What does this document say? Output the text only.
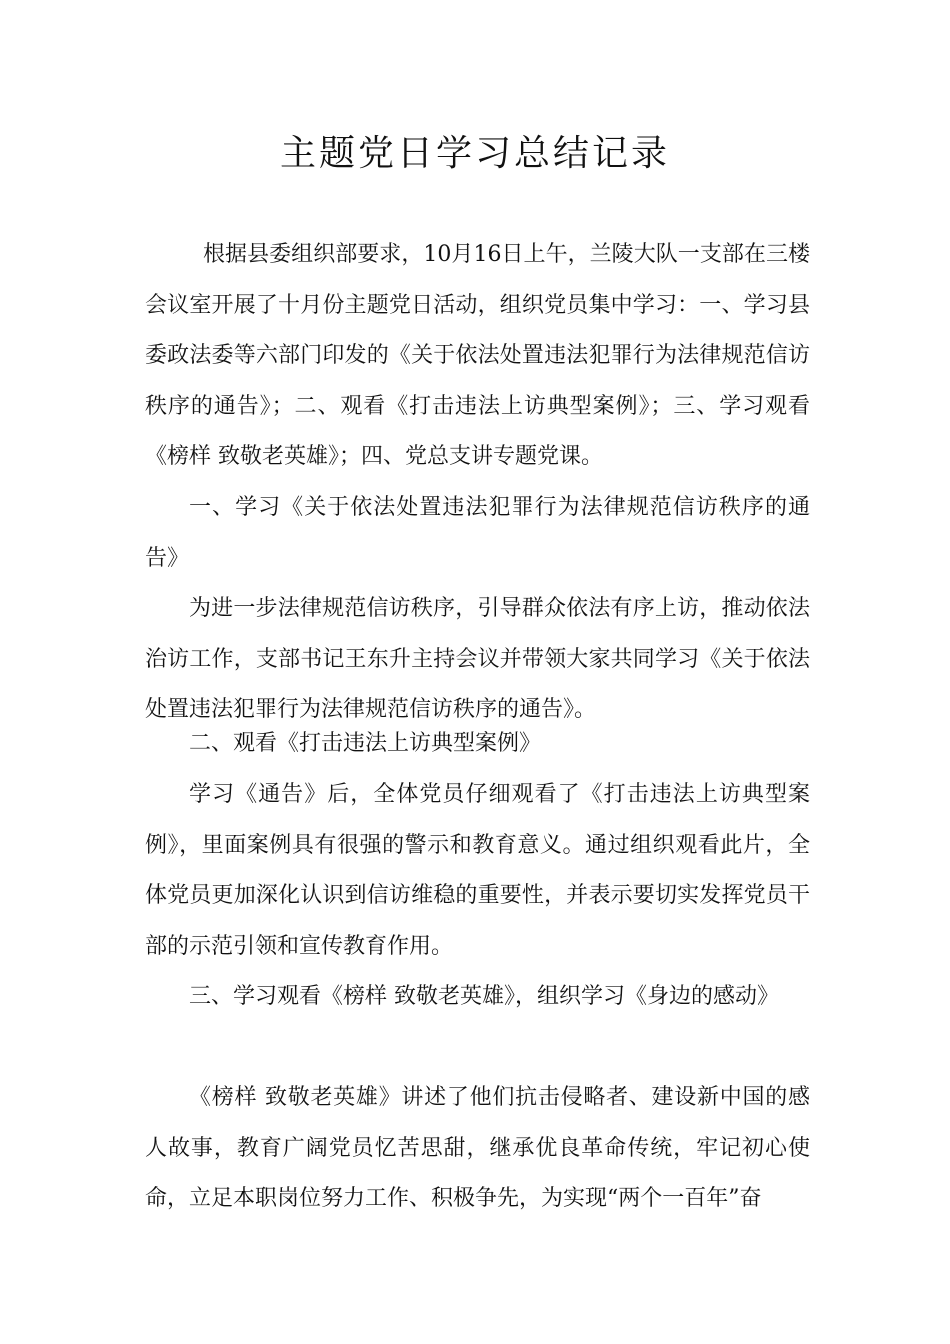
主题党日学习总结记录

根据县委组织部要求，10月16日上午，兰陵大队一支部在三楼会议室开展了十月份主题党日活动，组织党员集中学习：一、学习县委政法委等六部门印发的《关于依法处置违法犯罪行为法律规范信访秩序的通告》；二、观看《打击违法上访典型案例》；三、学习观看《榜样 致敬老英雄》；四、党总支讲专题党课。

一、学习《关于依法处置违法犯罪行为法律规范信访秩序的通告》

为进一步法律规范信访秩序，引导群众依法有序上访，推动依法治访工作，支部书记王东升主持会议并带领大家共同学习《关于依法处置违法犯罪行为法律规范信访秩序的通告》。

二、观看《打击违法上访典型案例》

学习《通告》后，全体党员仔细观看了《打击违法上访典型案例》，里面案例具有很强的警示和教育意义。通过组织观看此片，全体党员更加深化认识到信访维稳的重要性，并表示要切实发挥党员干部的示范引领和宣传教育作用。

三、学习观看《榜样 致敬老英雄》，组织学习《身边的感动》

《榜样 致敬老英雄》讲述了他们抗击侵略者、建设新中国的感人故事，教育广阔党员忆苦思甜，继承优良革命传统，牢记初心使命，立足本职岗位努力工作、积极争先，为实现“两个一百年”奋
